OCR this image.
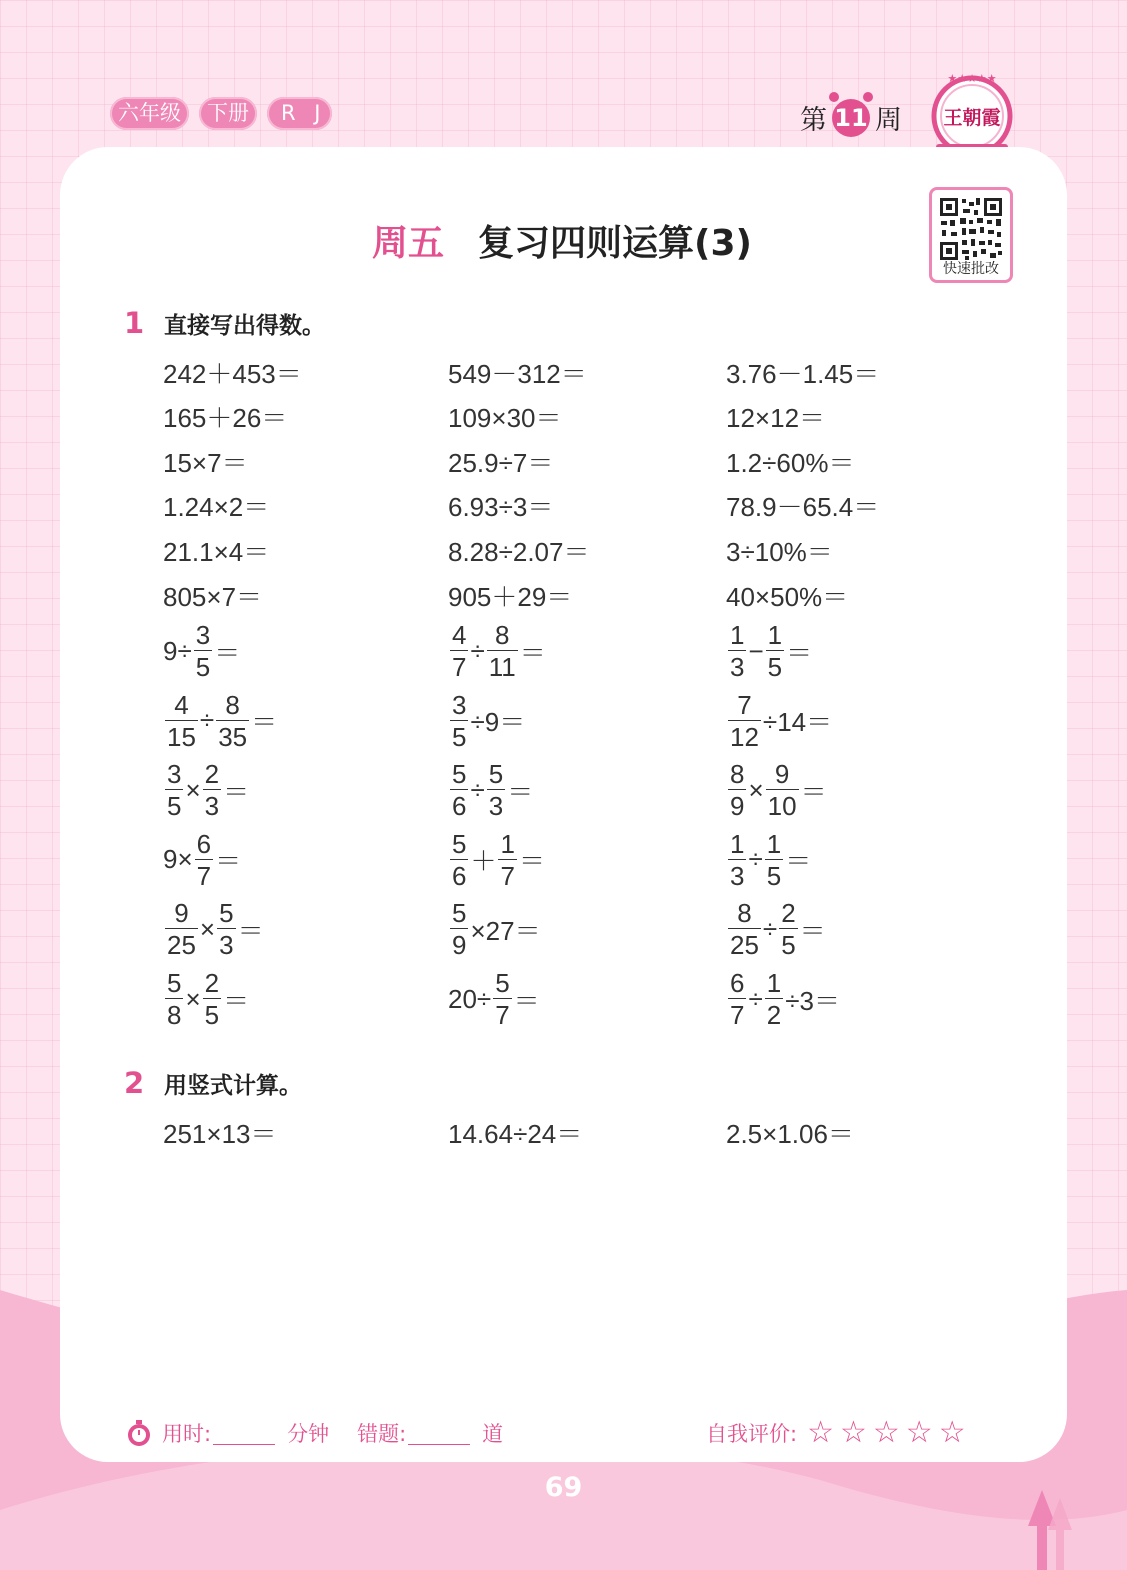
六年级	下册	R J	第 11 周
★★★★★
王朝霞
周五 复习四则运算(3)
快速批改
1 直接写出得数。
242＋453＝	549－312＝	3.76－1.45＝
165＋26＝	109×30＝	12×12＝
15×7＝	25.9÷7＝	1.2÷60%＝
1.24×2＝	6.93÷3＝	78.9－65.4＝
21.1×4＝	8.28÷2.07＝	3÷10%＝
805×7＝	905＋29＝	40×50%＝
$9\div \frac{3}{5}$ ＝	$\frac{4}{7} \div \frac{8}{11}$ ＝	$\frac{1}{3} - \frac{1}{5}$ ＝
$\frac{4}{15} \div \frac{8}{35}$ ＝	$\frac{3}{5} \div 9=$	$\frac{7}{12} \div 14=$
$\frac{3}{5} \times \frac{2}{3}$ ＝	$\frac{5}{6} \div \frac{5}{3}$ ＝	$\frac{8}{9} \times \frac{9}{10}$ ＝
$9\times \frac{6}{7}$ ＝	$\frac{5}{6} + \frac{1}{7}$ ＝	$\frac{1}{3} \div \frac{1}{5}$ ＝
$\frac{9}{25} \times \frac{5}{3}$ ＝	$\frac{5}{9} \times 27=$	$\frac{8}{25} \div \frac{2}{5}$ ＝
$\frac{5}{8} \times \frac{2}{5}$ ＝	$20\div \frac{5}{7}$ ＝	$\frac{6}{7} \div \frac{1}{2} \div 3=$
2 用竖式计算。
251×13＝	14.64÷24＝	2.5×1.06＝
用时:	分钟 错题:	道	自我评价: ☆ ☆ ☆ ☆ ☆
69
